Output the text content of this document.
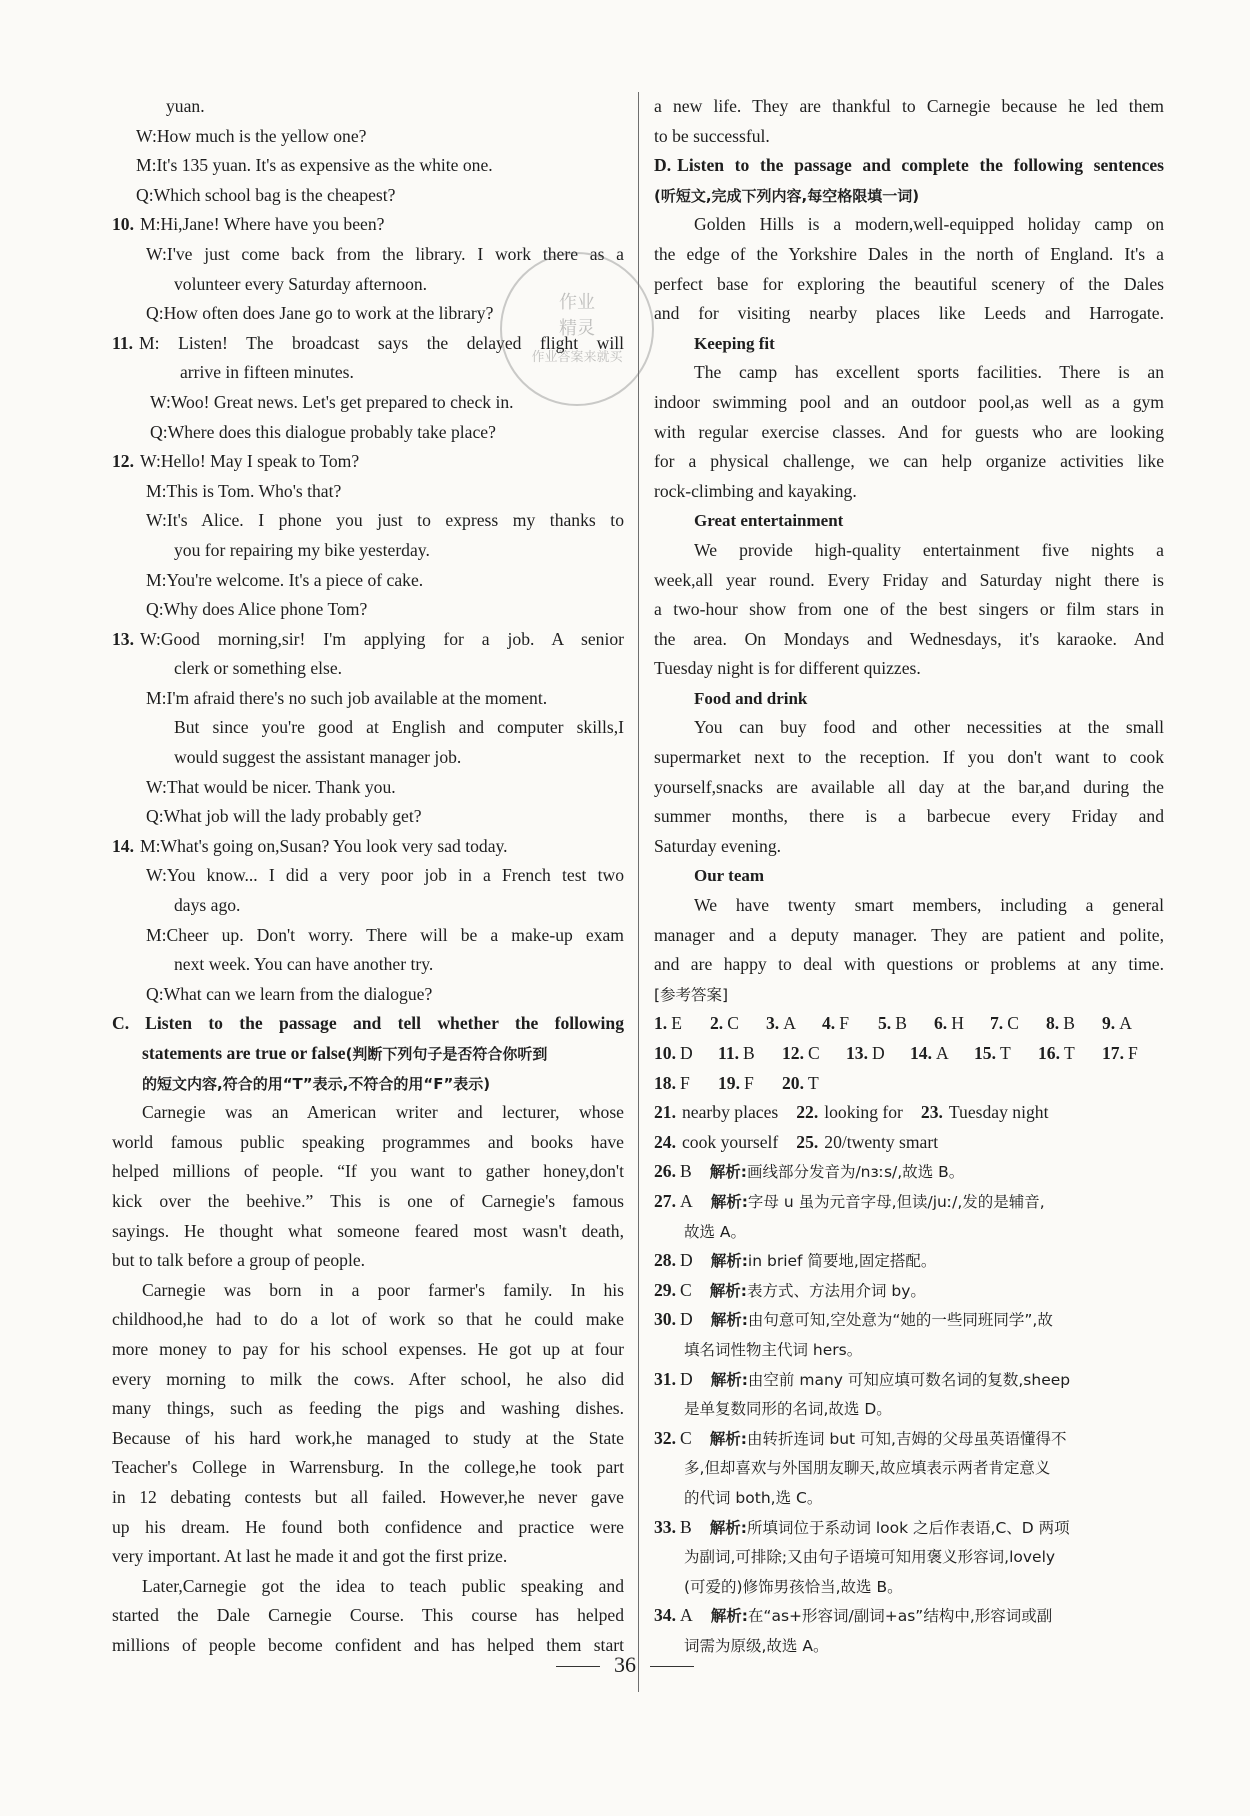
yuan.
W:How much is the yellow one?
M:It's 135 yuan. It's as expensive as the white one.
Q:Which school bag is the cheapest?
10. M:Hi,Jane! Where have you been?
W:I've just come back from the library. I work there as a
volunteer every Saturday afternoon.
Q:How often does Jane go to work at the library?
11. M: Listen! The broadcast says the delayed flight will
arrive in fifteen minutes.
W:Woo! Great news. Let's get prepared to check in.
Q:Where does this dialogue probably take place?
12. W:Hello! May I speak to Tom?
M:This is Tom. Who's that?
W:It's Alice. I phone you just to express my thanks to
you for repairing my bike yesterday.
M:You're welcome. It's a piece of cake.
Q:Why does Alice phone Tom?
13. W:Good morning,sir! I'm applying for a job. A senior
clerk or something else.
M:I'm afraid there's no such job available at the moment.
But since you're good at English and computer skills,I
would suggest the assistant manager job.
W:That would be nicer. Thank you.
Q:What job will the lady probably get?
14. M:What's going on,Susan? You look very sad today.
W:You know... I did a very poor job in a French test two
days ago.
M:Cheer up. Don't worry. There will be a make-up exam
next week. You can have another try.
Q:What can we learn from the dialogue?
C. Listen to the passage and tell whether the following
statements are true or false(判断下列句子是否符合你听到
的短文内容,符合的用“T”表示,不符合的用“F”表示)
Carnegie was an American writer and lecturer, whose
world famous public speaking programmes and books have
helped millions of people. “If you want to gather honey,don't
kick over the beehive.” This is one of Carnegie's famous
sayings. He thought what someone feared most wasn't death,
but to talk before a group of people.
Carnegie was born in a poor farmer's family. In his
childhood,he had to do a lot of work so that he could make
more money to pay for his school expenses. He got up at four
every morning to milk the cows. After school, he also did
many things, such as feeding the pigs and washing dishes.
Because of his hard work,he managed to study at the State
Teacher's College in Warrensburg. In the college,he took part
in 12 debating contests but all failed. However,he never gave
up his dream. He found both confidence and practice were
very important. At last he made it and got the first prize.
Later,Carnegie got the idea to teach public speaking and
started the Dale Carnegie Course. This course has helped
millions of people become confident and has helped them start
a new life. They are thankful to Carnegie because he led them
to be successful.
D. Listen to the passage and complete the following sentences
(听短文,完成下列内容,每空格限填一词)
Golden Hills is a modern,well-equipped holiday camp on
the edge of the Yorkshire Dales in the north of England. It's a
perfect base for exploring the beautiful scenery of the Dales
and for visiting nearby places like Leeds and Harrogate.
Keeping fit
The camp has excellent sports facilities. There is an
indoor swimming pool and an outdoor pool,as well as a gym
with regular exercise classes. And for guests who are looking
for a physical challenge, we can help organize activities like
rock-climbing and kayaking.
Great entertainment
We provide high-quality entertainment five nights a
week,all year round. Every Friday and Saturday night there is
a two-hour show from one of the best singers or film stars in
the area. On Mondays and Wednesdays, it's karaoke. And
Tuesday night is for different quizzes.
Food and drink
You can buy food and other necessities at the small
supermarket next to the reception. If you don't want to cook
yourself,snacks are available all day at the bar,and during the
summer months, there is a barbecue every Friday and
Saturday evening.
Our team
We have twenty smart members, including a general
manager and a deputy manager. They are patient and polite,
and are happy to deal with questions or problems at any time.
[参考答案]
1. E 2. C 3. A 4. F 5. B 6. H 7. C 8. B 9. A
10. D 11. B 12. C 13. D 14. A 15. T 16. T 17. F
18. F 19. F 20. T
21. nearby places 22. looking for 23. Tuesday night
24. cook yourself 25. 20/twenty smart
26. B 解析:画线部分发音为/nɜːs/,故选 B。
27. A 解析:字母 u 虽为元音字母,但读/juː/,发的是辅音,
故选 A。
28. D 解析:in brief 简要地,固定搭配。
29. C 解析:表方式、方法用介词 by。
30. D 解析:由句意可知,空处意为“她的一些同班同学”,故
填名词性物主代词 hers。
31. D 解析:由空前 many 可知应填可数名词的复数,sheep
是单复数同形的名词,故选 D。
32. C 解析:由转折连词 but 可知,吉姆的父母虽英语懂得不
多,但却喜欢与外国朋友聊天,故应填表示两者肯定意义
的代词 both,选 C。
33. B 解析:所填词位于系动词 look 之后作表语,C、D 两项
为副词,可排除;又由句子语境可知用褒义形容词,lovely
(可爱的)修饰男孩恰当,故选 B。
34. A 解析:在“as+形容词/副词+as”结构中,形容词或副
词需为原级,故选 A。
作业
精灵
作业答案来就买
36
